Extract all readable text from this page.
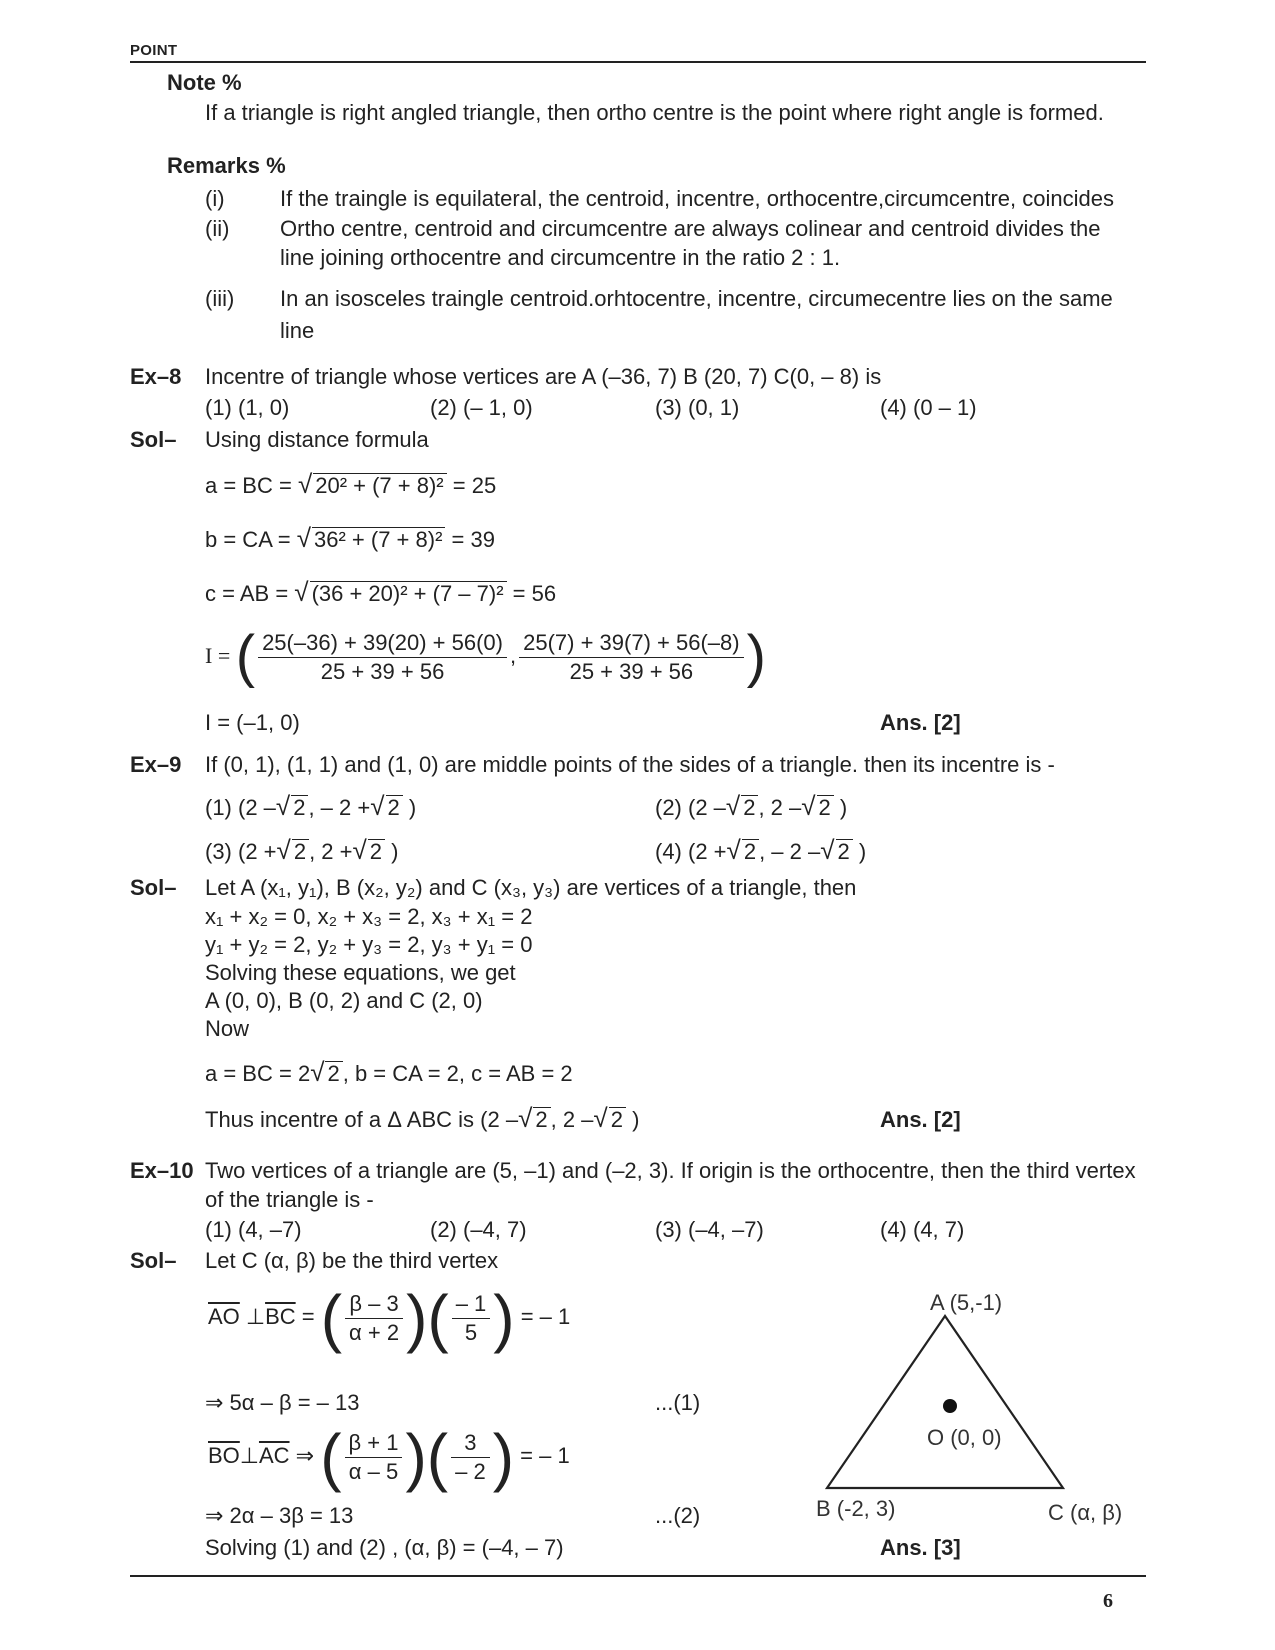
POINT
Note %
If a triangle is right angled triangle, then ortho centre is the point where right angle is formed.
Remarks %
(i)	If the traingle is equilateral, the centroid, incentre, orthocentre,circumcentre, coincides
(ii) Ortho centre, centroid and circumcentre are always colinear and centroid divides the
line joining orthocentre and circumcentre in the ratio 2 : 1.
(iii) In an isosceles traingle centroid.orhtocentre, incentre, circumecentre lies on the same
line
Ex–8 Incentre of triangle whose vertices are A (–36, 7) B (20, 7) C(0, – 8) is
(1) (1, 0)	(2) (– 1, 0)	(3) (0, 1)	(4) (0 – 1)
Sol– Using distance formula
a = BC = √ 20² + (7 + 8)² = 25
b = CA = √ 36² + (7 + 8)² = 39
c = AB = √ (36 + 20)² + (7 – 7)² = 56
I = ( $\frac{25(-36) + 39(20) + 56(0)}{25 + 39 + 56}$ , $\frac{25(7) + 39(7) + 56(-8)}{25 + 39 + 56}$ )
I = (–1, 0)	Ans. [2]
Ex–9 If (0, 1), (1, 1) and (1, 0) are middle points of the sides of a triangle. then its incentre is -
(1) (2 –√ 2 , – 2 +√ 2 )	(2) (2 –√ 2 , 2 –√ 2 )
(3) (2 +√ 2 , 2 +√ 2 )	(4) (2 +√ 2 , – 2 –√ 2 )
Sol– Let A (x₁, y₁), B (x₂, y₂) and C (x₃, y₃) are vertices of a triangle, then
x₁ + x₂ = 0, x₂ + x₃ = 2, x₃ + x₁ = 2
y₁ + y₂ = 2, y₂ + y₃ = 2, y₃ + y₁ = 0
Solving these equations, we get
A (0, 0), B (0, 2) and C (2, 0)
Now
a = BC = 2√ 2 , b = CA = 2, c = AB = 2
Thus incentre of a Δ ABC is (2 –√ 2 , 2 –√ 2 )	Ans. [2]
Ex–10 Two vertices of a triangle are (5, –1) and (–2, 3). If origin is the orthocentre, then the third vertex
of the triangle is -
(1) (4, –7)	(2) (–4, 7)	(3) (–4, –7)	(4) (4, 7)
Sol– Let C (α, β) be the third vertex
$\overline{AO}$ $\perp\overline{BC}$ = ( $\frac{\beta - 3}{\alpha + 2}$ )( $\frac{- 1}{5}$ ) = – 1
⇒ 5α – β = – 13	...(1)
$\overline{BO}\perp\overline{AC}$ ⇒ ( $\frac{\beta + 1}{\alpha - 5}$ )( $\frac{3}{- 2}$ ) = – 1
⇒ 2α – 3β = 13	...(2)
Solving (1) and (2) , (α, β) = (–4, – 7)	Ans. [3]
A (5,-1)
O (0, 0)
B (-2, 3)	C (α, β)
6
